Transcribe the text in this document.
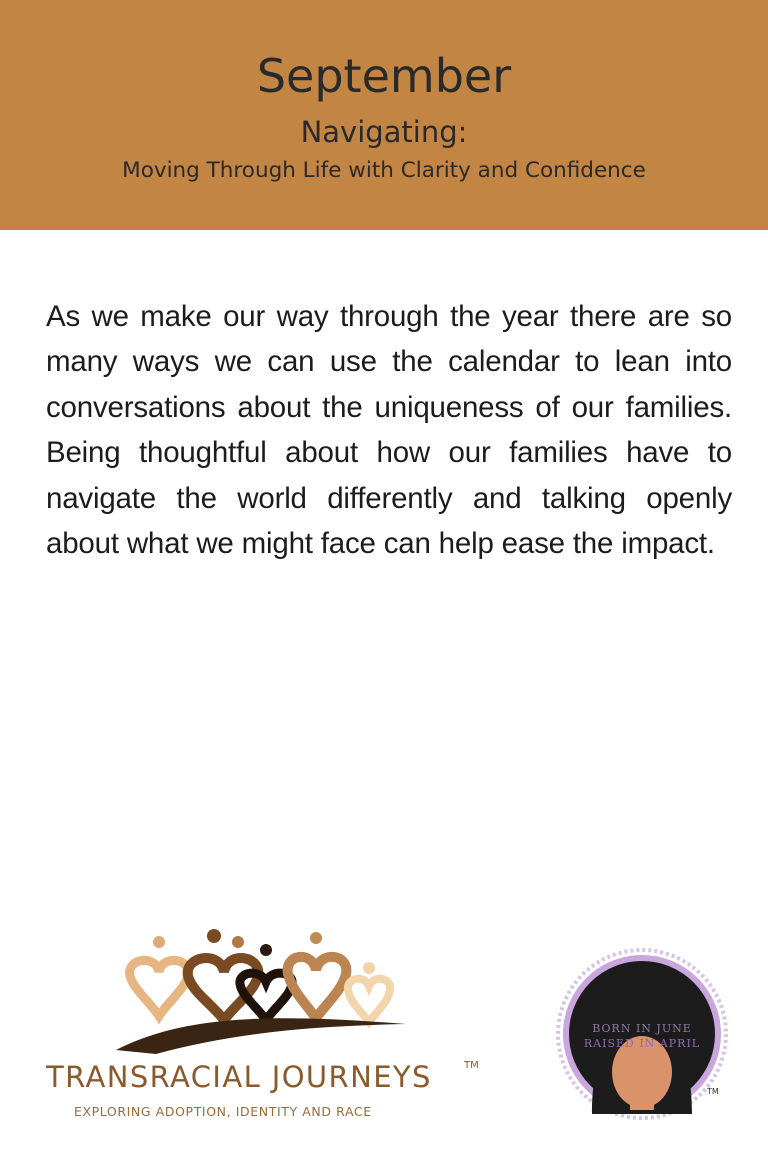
September
Navigating:
Moving Through Life with Clarity and Confidence
As we make our way through the year there are so many ways we can use the calendar to lean into conversations about the uniqueness of our families. Being thoughtful about how our families have to navigate the world differently and talking openly about what we might face can help ease the impact.
TRANSRACIAL JOURNEYS	TM
EXPLORING ADOPTION, IDENTITY AND RACE
BORN IN JUNE
RAISED IN APRIL
TM
